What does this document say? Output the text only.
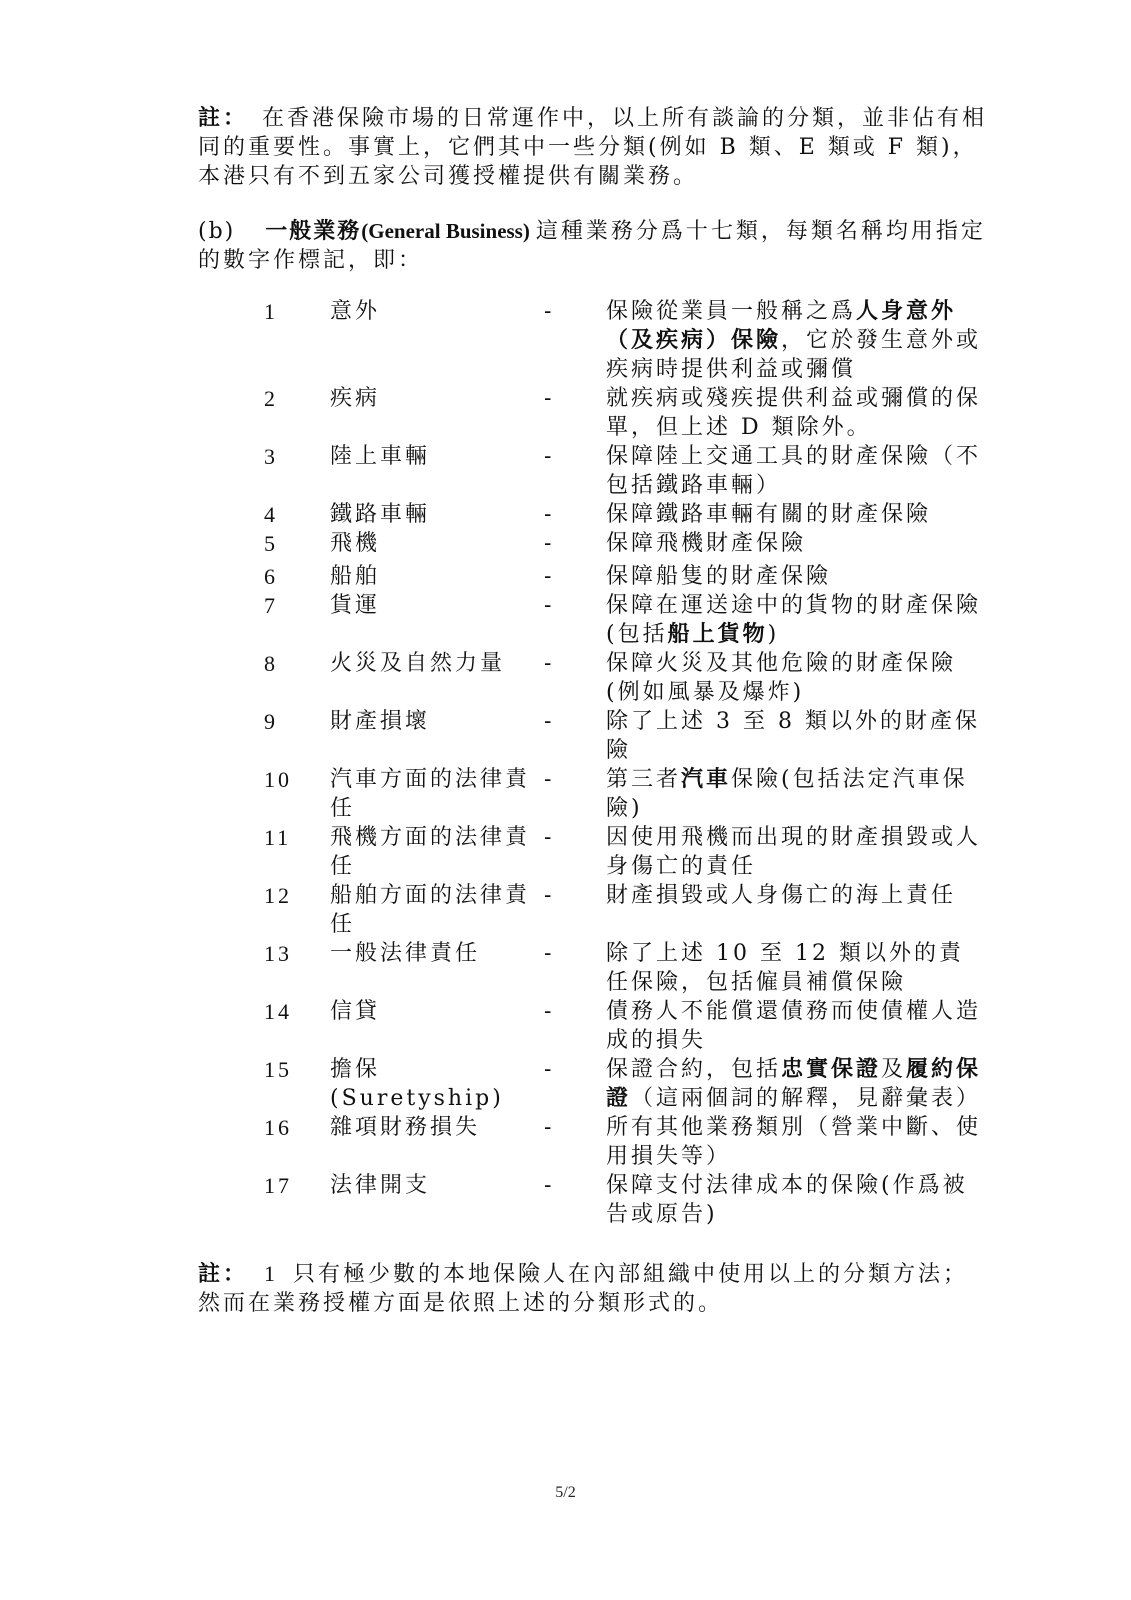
註： 在香港保險市場的日常運作中，以上所有談論的分類，並非佔有相同的重要性。事實上，它們其中一些分類(例如 B 類、E 類或 F 類)，本港只有不到五家公司獲授權提供有關業務。

(b) 一般業務(General Business) 這種業務分爲十七類，每類名稱均用指定的數字作標記，即：

1	意外	-	保險從業員一般稱之爲人身意外（及疾病）保險，它於發生意外或疾病時提供利益或彌償
2	疾病	-	就疾病或殘疾提供利益或彌償的保單，但上述 D 類除外。
3	陸上車輛	-	保障陸上交通工具的財產保險（不包括鐵路車輛）
4	鐵路車輛	-	保障鐵路車輛有關的財產保險
5	飛機	-	保障飛機財產保險
6	船舶	-	保障船隻的財產保險
7	貨運	-	保障在運送途中的貨物的財產保險(包括船上貨物)
8	火災及自然力量	-	保障火災及其他危險的財產保險(例如風暴及爆炸)
9	財產損壞	-	除了上述 3 至 8 類以外的財產保險
10	汽車方面的法律責任	-	第三者汽車保險(包括法定汽車保險)
11	飛機方面的法律責任	-	因使用飛機而出現的財產損毀或人身傷亡的責任
12	船舶方面的法律責任	-	財產損毀或人身傷亡的海上責任
13	一般法律責任	-	除了上述 10 至 12 類以外的責任保險，包括僱員補償保險
14	信貸	-	債務人不能償還債務而使債權人造成的損失
15	擔保(Suretyship)	-	保證合約，包括忠實保證及履約保證（這兩個詞的解釋，見辭彙表）
16	雜項財務損失	-	所有其他業務類別（營業中斷、使用損失等）
17	法律開支	-	保障支付法律成本的保險(作爲被告或原告)

註： 1 只有極少數的本地保險人在內部組織中使用以上的分類方法；然而在業務授權方面是依照上述的分類形式的。

5/2
